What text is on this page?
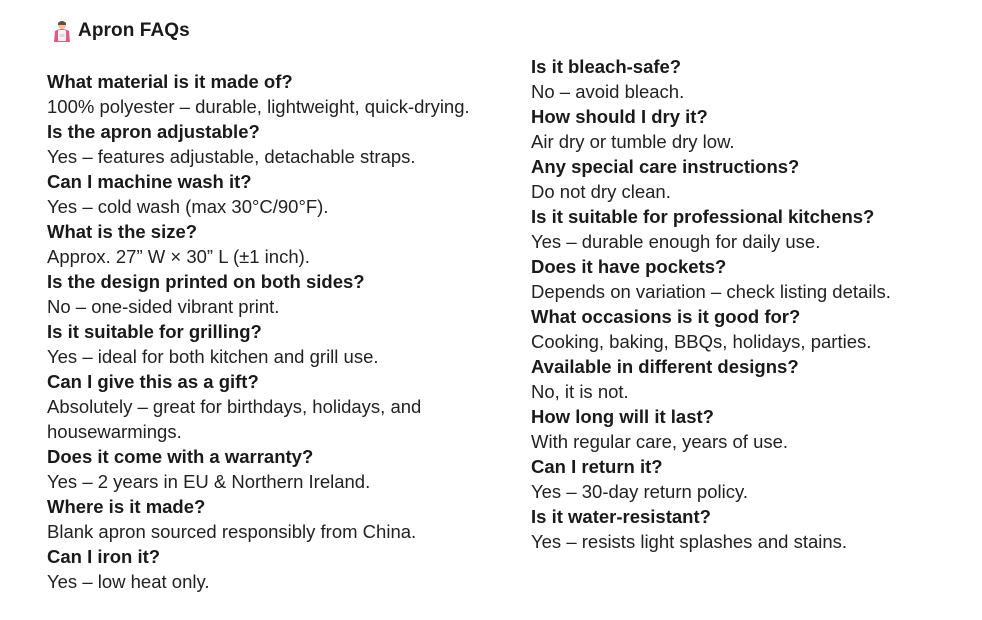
Apron FAQs
What material is it made of?
100% polyester – durable, lightweight, quick-drying.
Is the apron adjustable?
Yes – features adjustable, detachable straps.
Can I machine wash it?
Yes – cold wash (max 30°C/90°F).
What is the size?
Approx. 27” W × 30” L (±1 inch).
Is the design printed on both sides?
No – one-sided vibrant print.
Is it suitable for grilling?
Yes – ideal for both kitchen and grill use.
Can I give this as a gift?
Absolutely – great for birthdays, holidays, and housewarmings.
Does it come with a warranty?
Yes – 2 years in EU & Northern Ireland.
Where is it made?
Blank apron sourced responsibly from China.
Can I iron it?
Yes – low heat only.
Is it bleach-safe?
No – avoid bleach.
How should I dry it?
Air dry or tumble dry low.
Any special care instructions?
Do not dry clean.
Is it suitable for professional kitchens?
Yes – durable enough for daily use.
Does it have pockets?
Depends on variation – check listing details.
What occasions is it good for?
Cooking, baking, BBQs, holidays, parties.
Available in different designs?
No, it is not.
How long will it last?
With regular care, years of use.
Can I return it?
Yes – 30-day return policy.
Is it water-resistant?
Yes – resists light splashes and stains.
